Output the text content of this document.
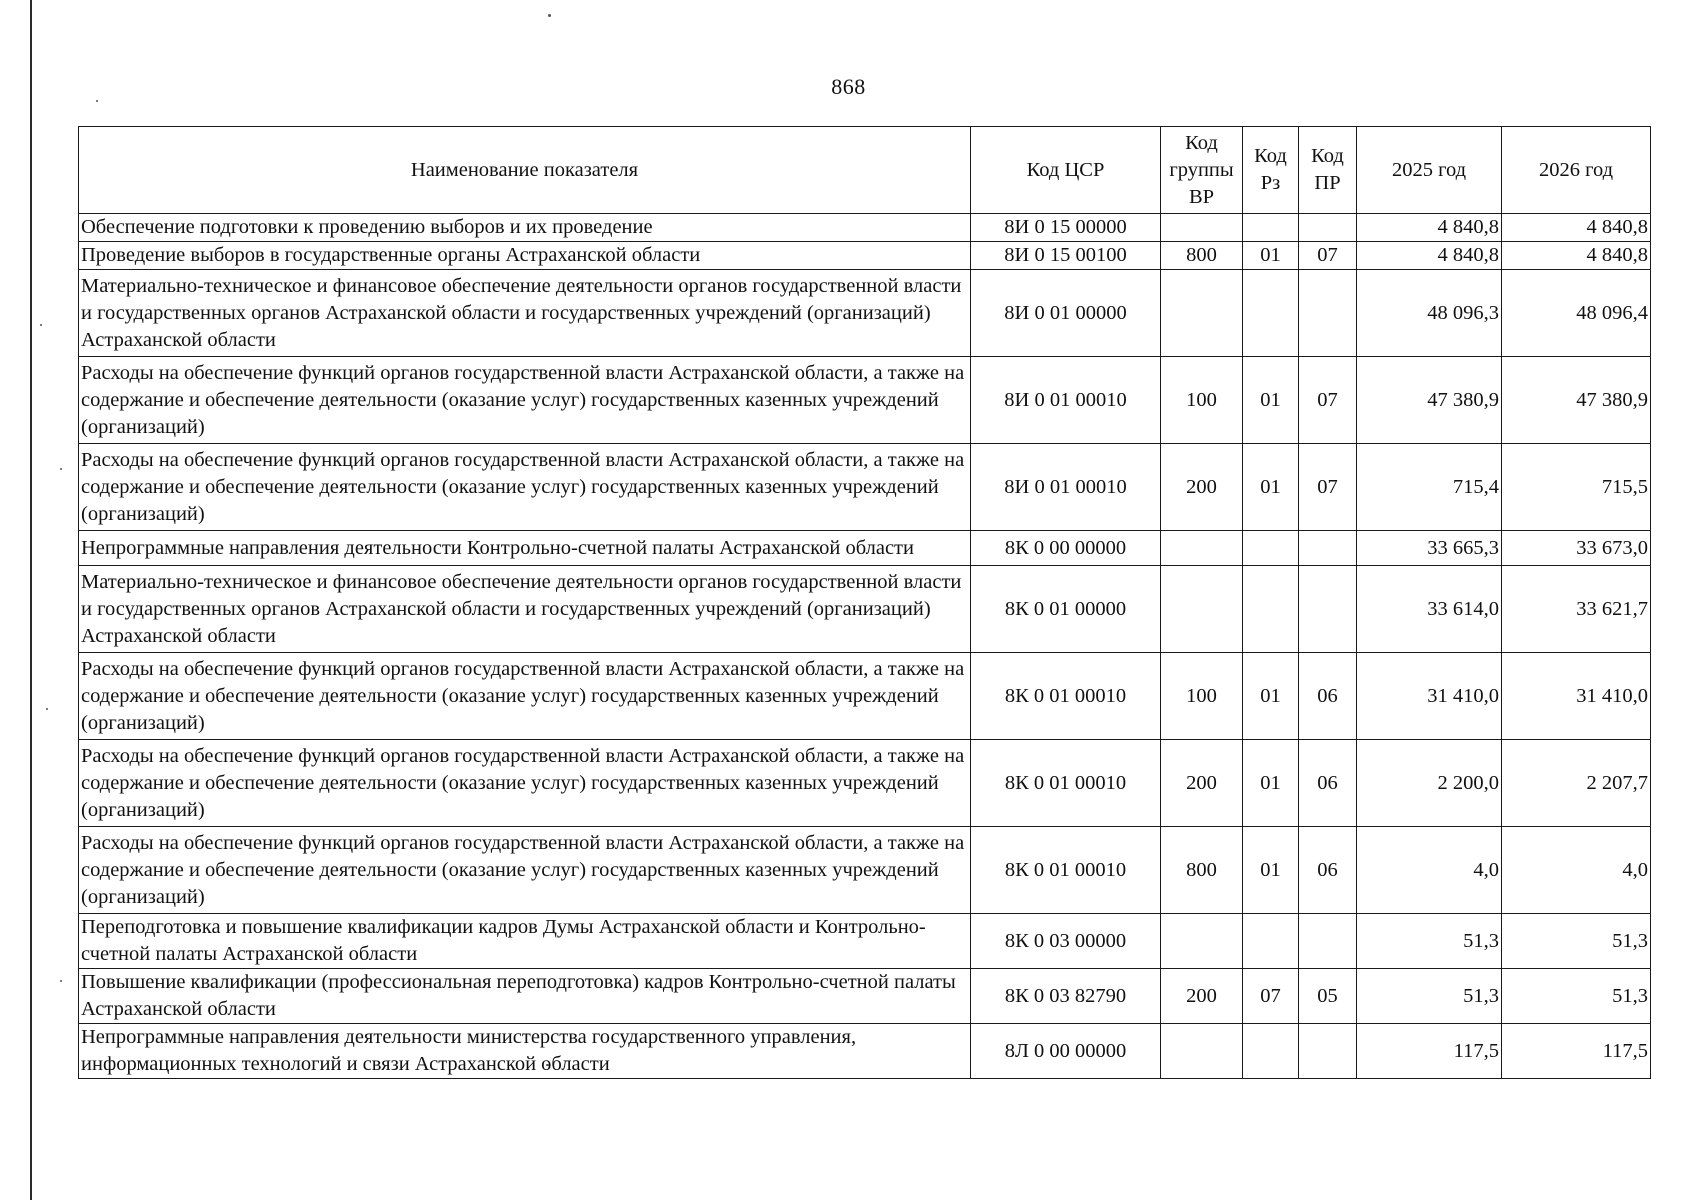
868
Наименование показателя	Код ЦСР	Код группы ВР	Код Рз	Код ПР	2025 год	2026 год
Обеспечение подготовки к проведению выборов и их проведение	8И 0 15 00000				4 840,8	4 840,8
Проведение выборов в государственные органы Астраханской области	8И 0 15 00100	800	01	07	4 840,8	4 840,8
Материально-техническое и финансовое обеспечение деятельности органов государственной власти и государственных органов Астраханской области и государственных учреждений (организаций) Астраханской области	8И 0 01 00000				48 096,3	48 096,4
Расходы на обеспечение функций органов государственной власти Астраханской области, а также на содержание и обеспечение деятельности (оказание услуг) государственных казенных учреждений (организаций)	8И 0 01 00010	100	01	07	47 380,9	47 380,9
Расходы на обеспечение функций органов государственной власти Астраханской области, а также на содержание и обеспечение деятельности (оказание услуг) государственных казенных учреждений (организаций)	8И 0 01 00010	200	01	07	715,4	715,5
Непрограммные направления деятельности Контрольно-счетной палаты Астраханской области	8К 0 00 00000				33 665,3	33 673,0
Материально-техническое и финансовое обеспечение деятельности органов государственной власти и государственных органов Астраханской области и государственных учреждений (организаций) Астраханской области	8К 0 01 00000				33 614,0	33 621,7
Расходы на обеспечение функций органов государственной власти Астраханской области, а также на содержание и обеспечение деятельности (оказание услуг) государственных казенных учреждений (организаций)	8К 0 01 00010	100	01	06	31 410,0	31 410,0
Расходы на обеспечение функций органов государственной власти Астраханской области, а также на содержание и обеспечение деятельности (оказание услуг) государственных казенных учреждений (организаций)	8К 0 01 00010	200	01	06	2 200,0	2 207,7
Расходы на обеспечение функций органов государственной власти Астраханской области, а также на содержание и обеспечение деятельности (оказание услуг) государственных казенных учреждений (организаций)	8К 0 01 00010	800	01	06	4,0	4,0
Переподготовка и повышение квалификации кадров Думы Астраханской области и Контрольно-счетной палаты Астраханской области	8К 0 03 00000				51,3	51,3
Повышение квалификации (профессиональная переподготовка) кадров Контрольно-счетной палаты Астраханской области	8К 0 03 82790	200	07	05	51,3	51,3
Непрограммные направления деятельности министерства государственного управления, информационных технологий и связи Астраханской области	8Л 0 00 00000				117,5	117,5
